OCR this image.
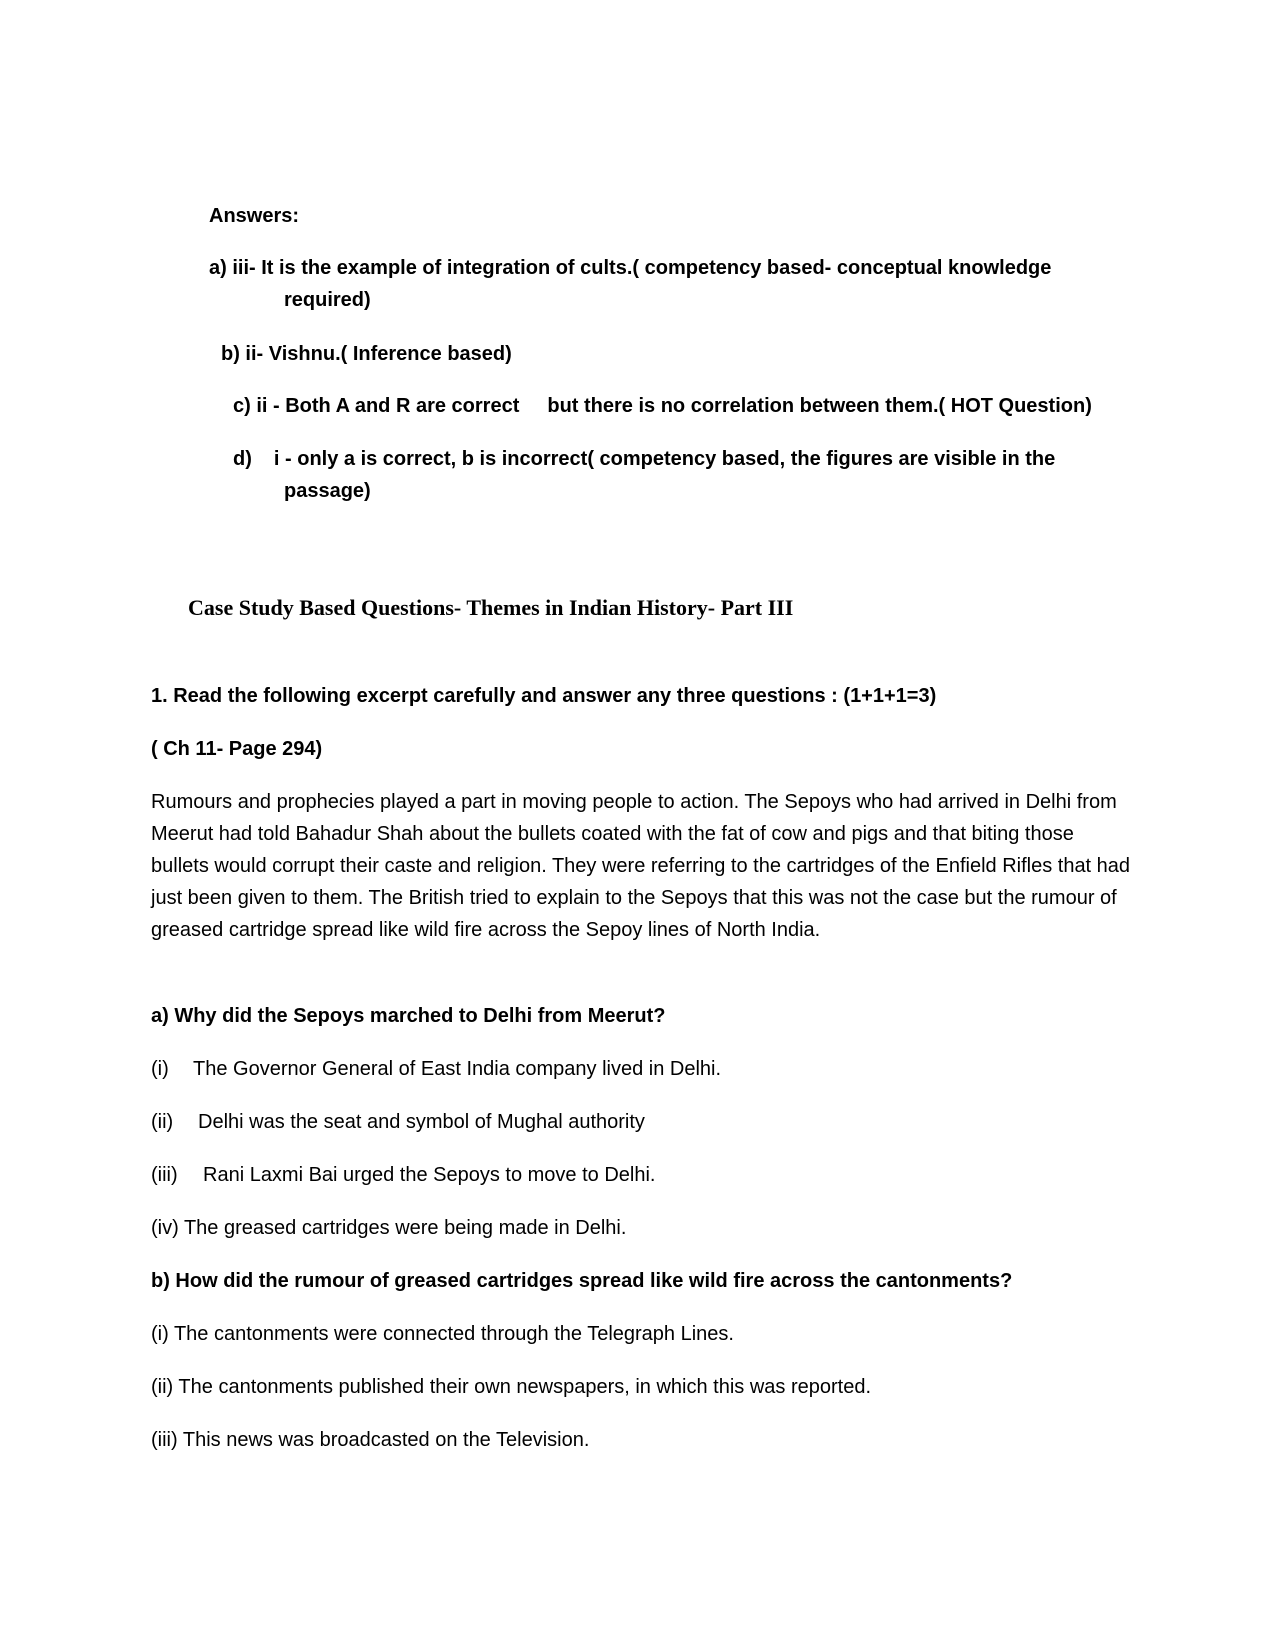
Answers:
a) iii- It is the example of integration of cults.( competency based- conceptual knowledge
required)
b) ii- Vishnu.( Inference based)
c) ii - Both A and R are correct but there is no correlation between them.( HOT Question)
d) i - only a is correct, b is incorrect( competency based, the figures are visible in the
passage)
Case Study Based Questions- Themes in Indian History- Part III
1. Read the following excerpt carefully and answer any three questions : (1+1+1=3)
( Ch 11- Page 294)
Rumours and prophecies played a part in moving people to action. The Sepoys who had arrived in Delhi from Meerut had told Bahadur Shah about the bullets coated with the fat of cow and pigs and that biting those bullets would corrupt their caste and religion. They were referring to the cartridges of the Enfield Rifles that had just been given to them. The British tried to explain to the Sepoys that this was not the case but the rumour of greased cartridge spread like wild fire across the Sepoy lines of North India.
a) Why did the Sepoys marched to Delhi from Meerut?
(i) The Governor General of East India company lived in Delhi.
(ii) Delhi was the seat and symbol of Mughal authority
(iii) Rani Laxmi Bai urged the Sepoys to move to Delhi.
(iv) The greased cartridges were being made in Delhi.
b) How did the rumour of greased cartridges spread like wild fire across the cantonments?
(i) The cantonments were connected through the Telegraph Lines.
(ii) The cantonments published their own newspapers, in which this was reported.
(iii) This news was broadcasted on the Television.
